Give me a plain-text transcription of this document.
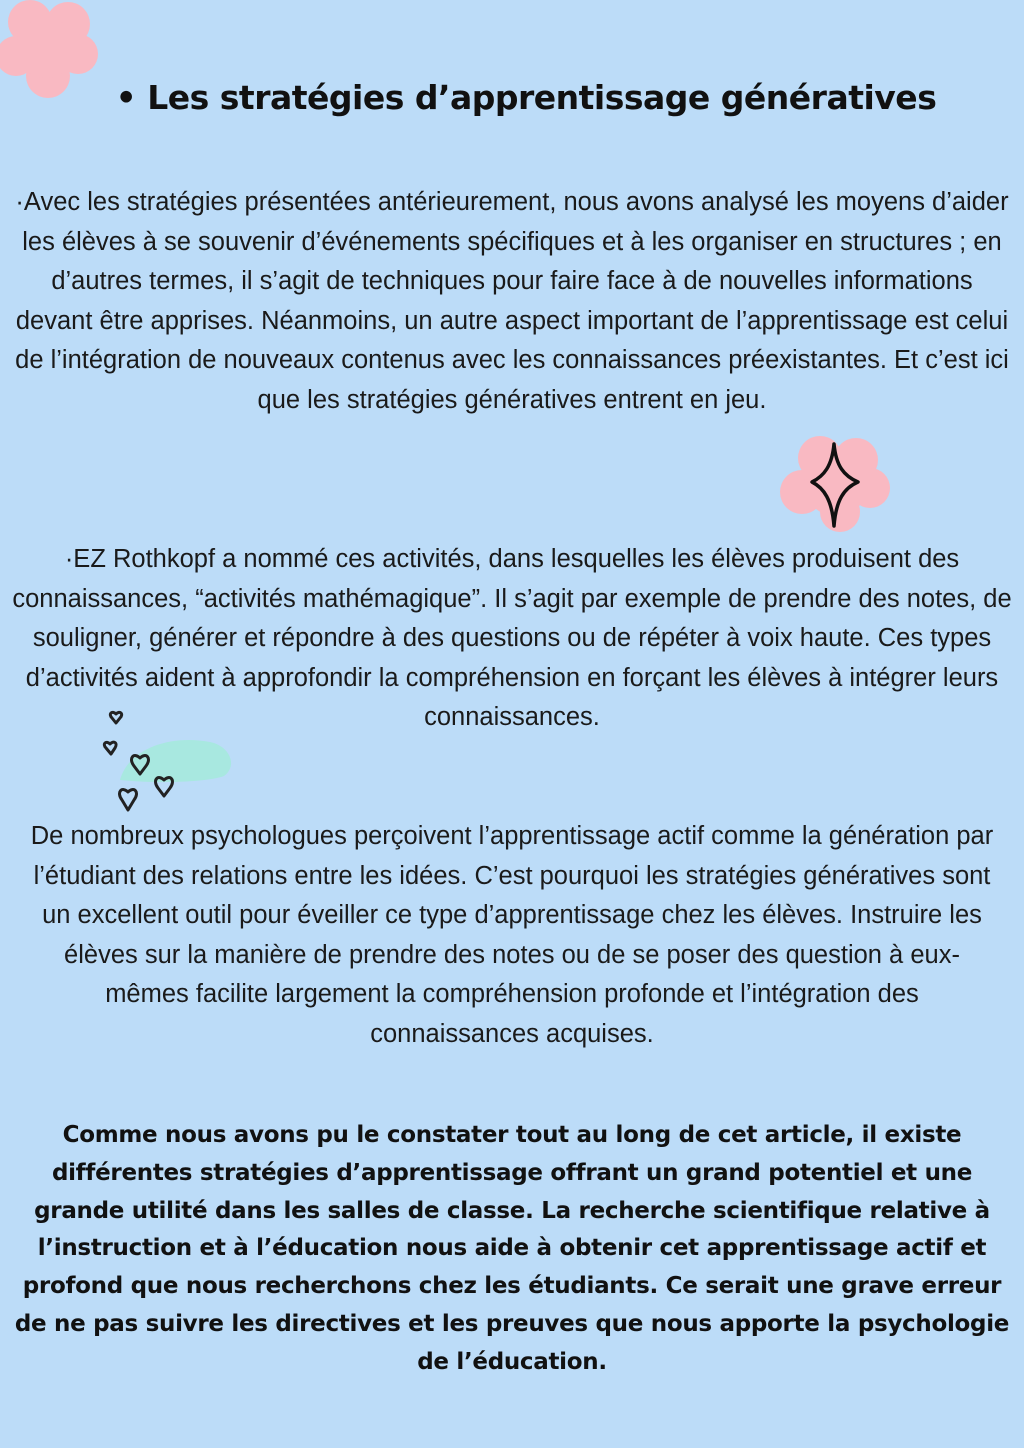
• Les stratégies d’apprentissage génératives

·Avec les stratégies présentées antérieurement, nous avons analysé les moyens d’aider les élèves à se souvenir d’événements spécifiques et à les organiser en structures ; en d’autres termes, il s’agit de techniques pour faire face à de nouvelles informations devant être apprises. Néanmoins, un autre aspect important de l’apprentissage est celui de l’intégration de nouveaux contenus avec les connaissances préexistantes. Et c’est ici que les stratégies génératives entrent en jeu.

·EZ Rothkopf a nommé ces activités, dans lesquelles les élèves produisent des connaissances, “activités mathémagique”. Il s’agit par exemple de prendre des notes, de souligner, générer et répondre à des questions ou de répéter à voix haute. Ces types d’activités aident à approfondir la compréhension en forçant les élèves à intégrer leurs connaissances.

De nombreux psychologues perçoivent l’apprentissage actif comme la génération par l’étudiant des relations entre les idées. C’est pourquoi les stratégies génératives sont un excellent outil pour éveiller ce type d’apprentissage chez les élèves. Instruire les élèves sur la manière de prendre des notes ou de se poser des question à eux-mêmes facilite largement la compréhension profonde et l’intégration des connaissances acquises.

Comme nous avons pu le constater tout au long de cet article, il existe différentes stratégies d’apprentissage offrant un grand potentiel et une grande utilité dans les salles de classe. La recherche scientifique relative à l’instruction et à l’éducation nous aide à obtenir cet apprentissage actif et profond que nous recherchons chez les étudiants. Ce serait une grave erreur de ne pas suivre les directives et les preuves que nous apporte la psychologie de l’éducation.
